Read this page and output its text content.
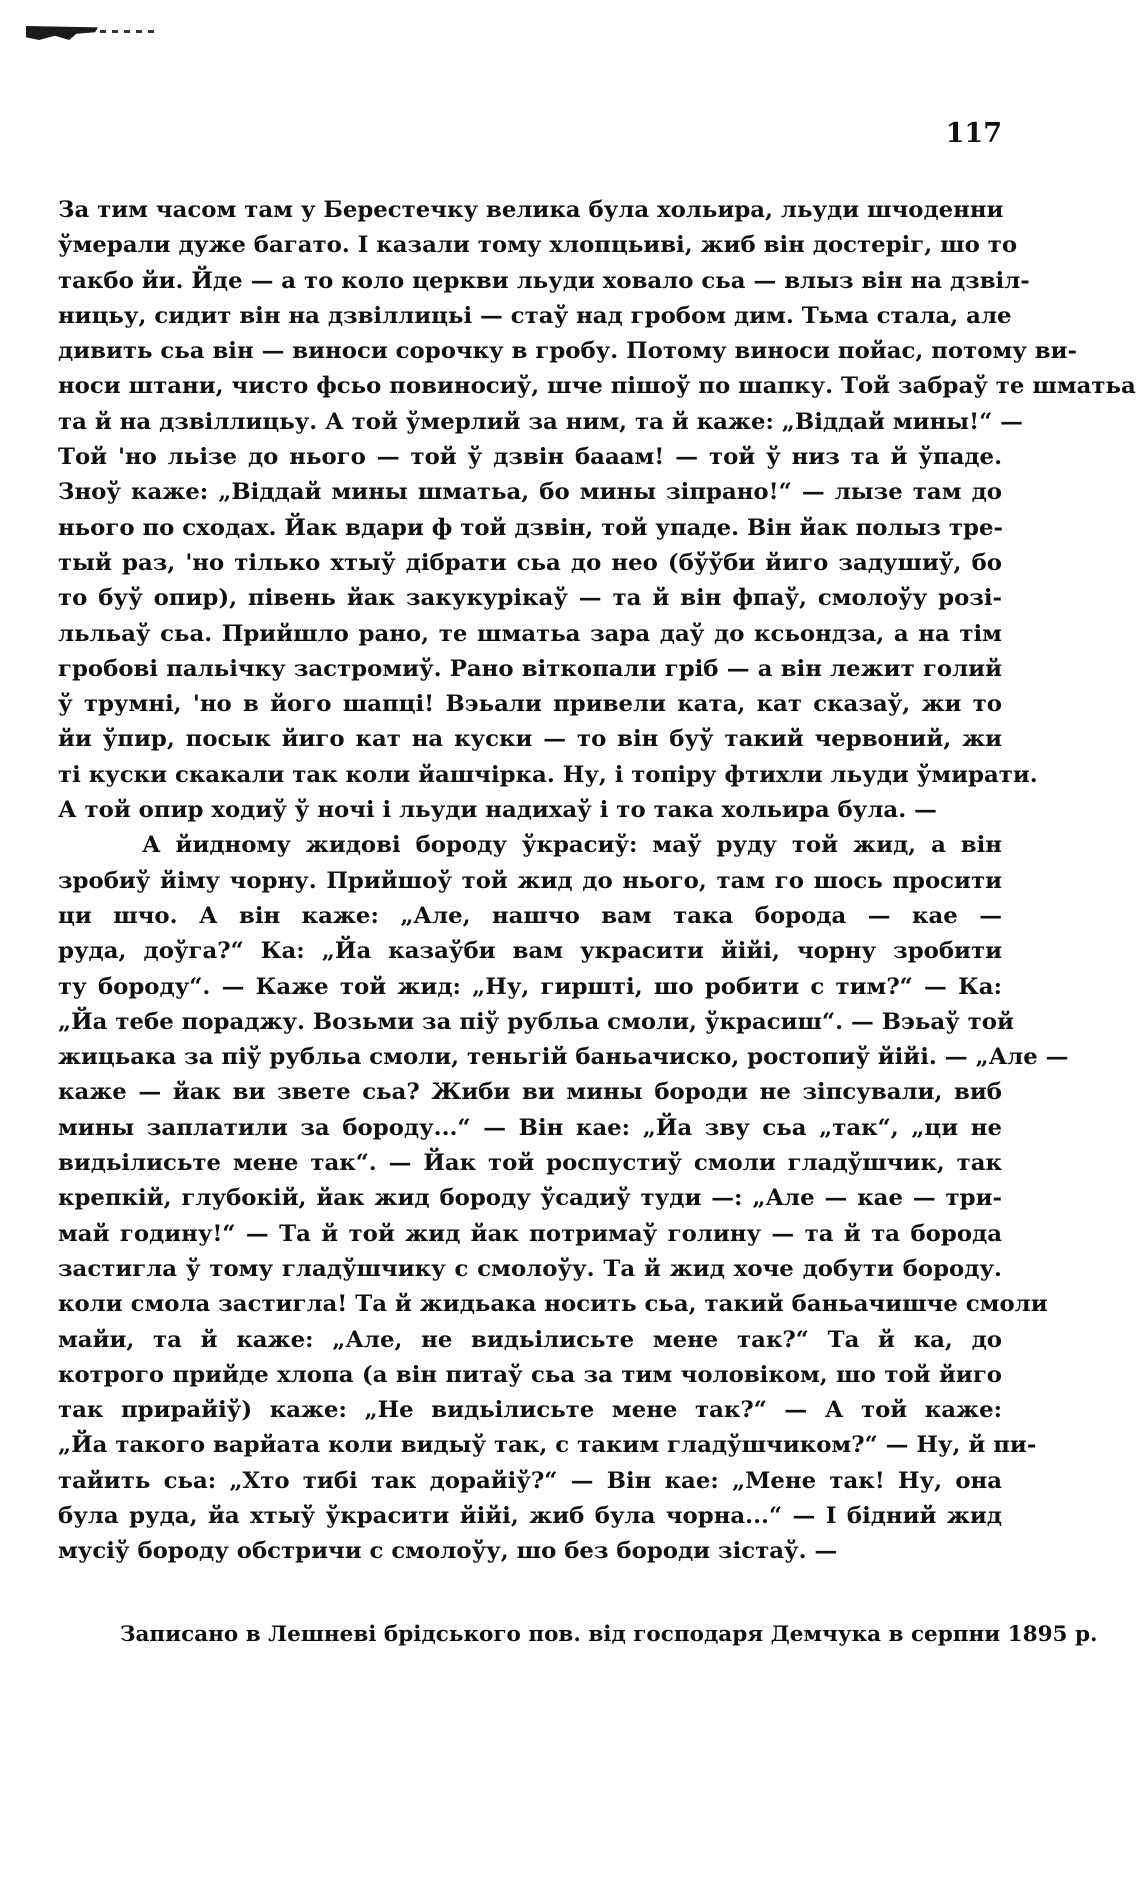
117
За тим часом там у Берестечку велика була хольира, льуди шчоденни
ўмерали дуже багато. І казали тому хлопцьиві, жиб він достеріг, шо то
такбо йи. Йде — а то коло церкви льуди ховало сьа — влыз він на дзвіл-
ницьу, сидит він на дзвіллицьі — стаў над гробом дим. Тьма стала, але
дивить сьа він — виноси сорочку в гробу. Потому виноси пойас, потому ви-
носи штани, чисто фсьо повиносиў, шче пішоў по шапку. Той забраў те шматьа
та й на дзвіллицьу. А той ўмерлий за ним, та й каже: „Віддай мины!“ —
Той 'но льізе до нього — той ў дзвін бааам! — той ў низ та й ўпаде.
Зноў каже: „Віддай мины шматьа, бо мины зіпрано!“ — лызе там до
нього по сходах. Йак вдари ф той дзвін, той упаде. Він йак полыз тре-
тый раз, 'но тілько хтыў дібрати сьа до нео (бўўби йиго задушиў, бо
то буў опир), півень йак закукурікаў — та й він фпаў, смолоўу розі-
льльаў сьа. Прийшло рано, те шматьа зара даў до ксьондза, а на тім
гробові пальічку застромиў. Рано віткопали гріб — а він лежит голий
ў трумні, 'но в його шапці! Вэьали привели ката, кат сказаў, жи то
йи ўпир, посык йиго кат на куски — то він буў такий червоний, жи
ті куски скакали так коли йашчірка. Ну, і топіру фтихли льуди ўмирати.
А той опир ходиў ў ночі і льуди надихаў і то така хольира була. —
А йидному жидові бороду ўкрасиў: маў руду той жид, а він
зробиў йіму чорну. Прийшоў той жид до нього, там го шось просити
ци шчо. А він каже: „Але, нашчо вам така борода — кае —
руда, доўга?“ Ка: „Йа казаўби вам украсити йійі, чорну зробити
ту бороду“. — Каже той жид: „Ну, гиршті, шо робити с тим?“ — Ка:
„Йа тебе пораджу. Возьми за піў рубльа смоли, ўкрасиш“. — Вэьаў той
жицьака за піў рубльа смоли, теньгій баньачиско, ростопиў йійі. — „Але —
каже — йак ви звете сьа? Жиби ви мины бороди не зіпсували, виб
мины заплатили за бороду...“ — Він кае: „Йа зву сьа „так“, „ци не
видьілисьте мене так“. — Йак той роспустиў смоли гладўшчик, так
крепкій, глубокій, йак жид бороду ўсадиў туди —: „Але — кае — три-
май годину!“ — Та й той жид йак потримаў голину — та й та борода
застигла ў тому гладўшчику с смолоўу. Та й жид хоче добути бороду.
коли смола застигла! Та й жидьака носить сьа, такий баньачишче смоли
майи, та й каже: „Але, не видьілисьте мене так?“ Та й ка, до
котрого прийде хлопа (а він питаў сьа за тим чоловіком, шо той йиго
так прирайіў) каже: „Не видьілисьте мене так?“ — А той каже:
„Йа такого варйата коли видыў так, с таким гладўшчиком?“ — Ну, й пи-
тайить сьа: „Хто тибі так дорайіў?“ — Він кае: „Мене так! Ну, она
була руда, йа хтыў ўкрасити йійі, жиб була чорна...“ — І бідний жид
мусіў бороду обстричи с смолоўу, шо без бороди зістаў. —
Записано в Лешневі брідського пов. від господаря Демчука в серпни 1895 р.
